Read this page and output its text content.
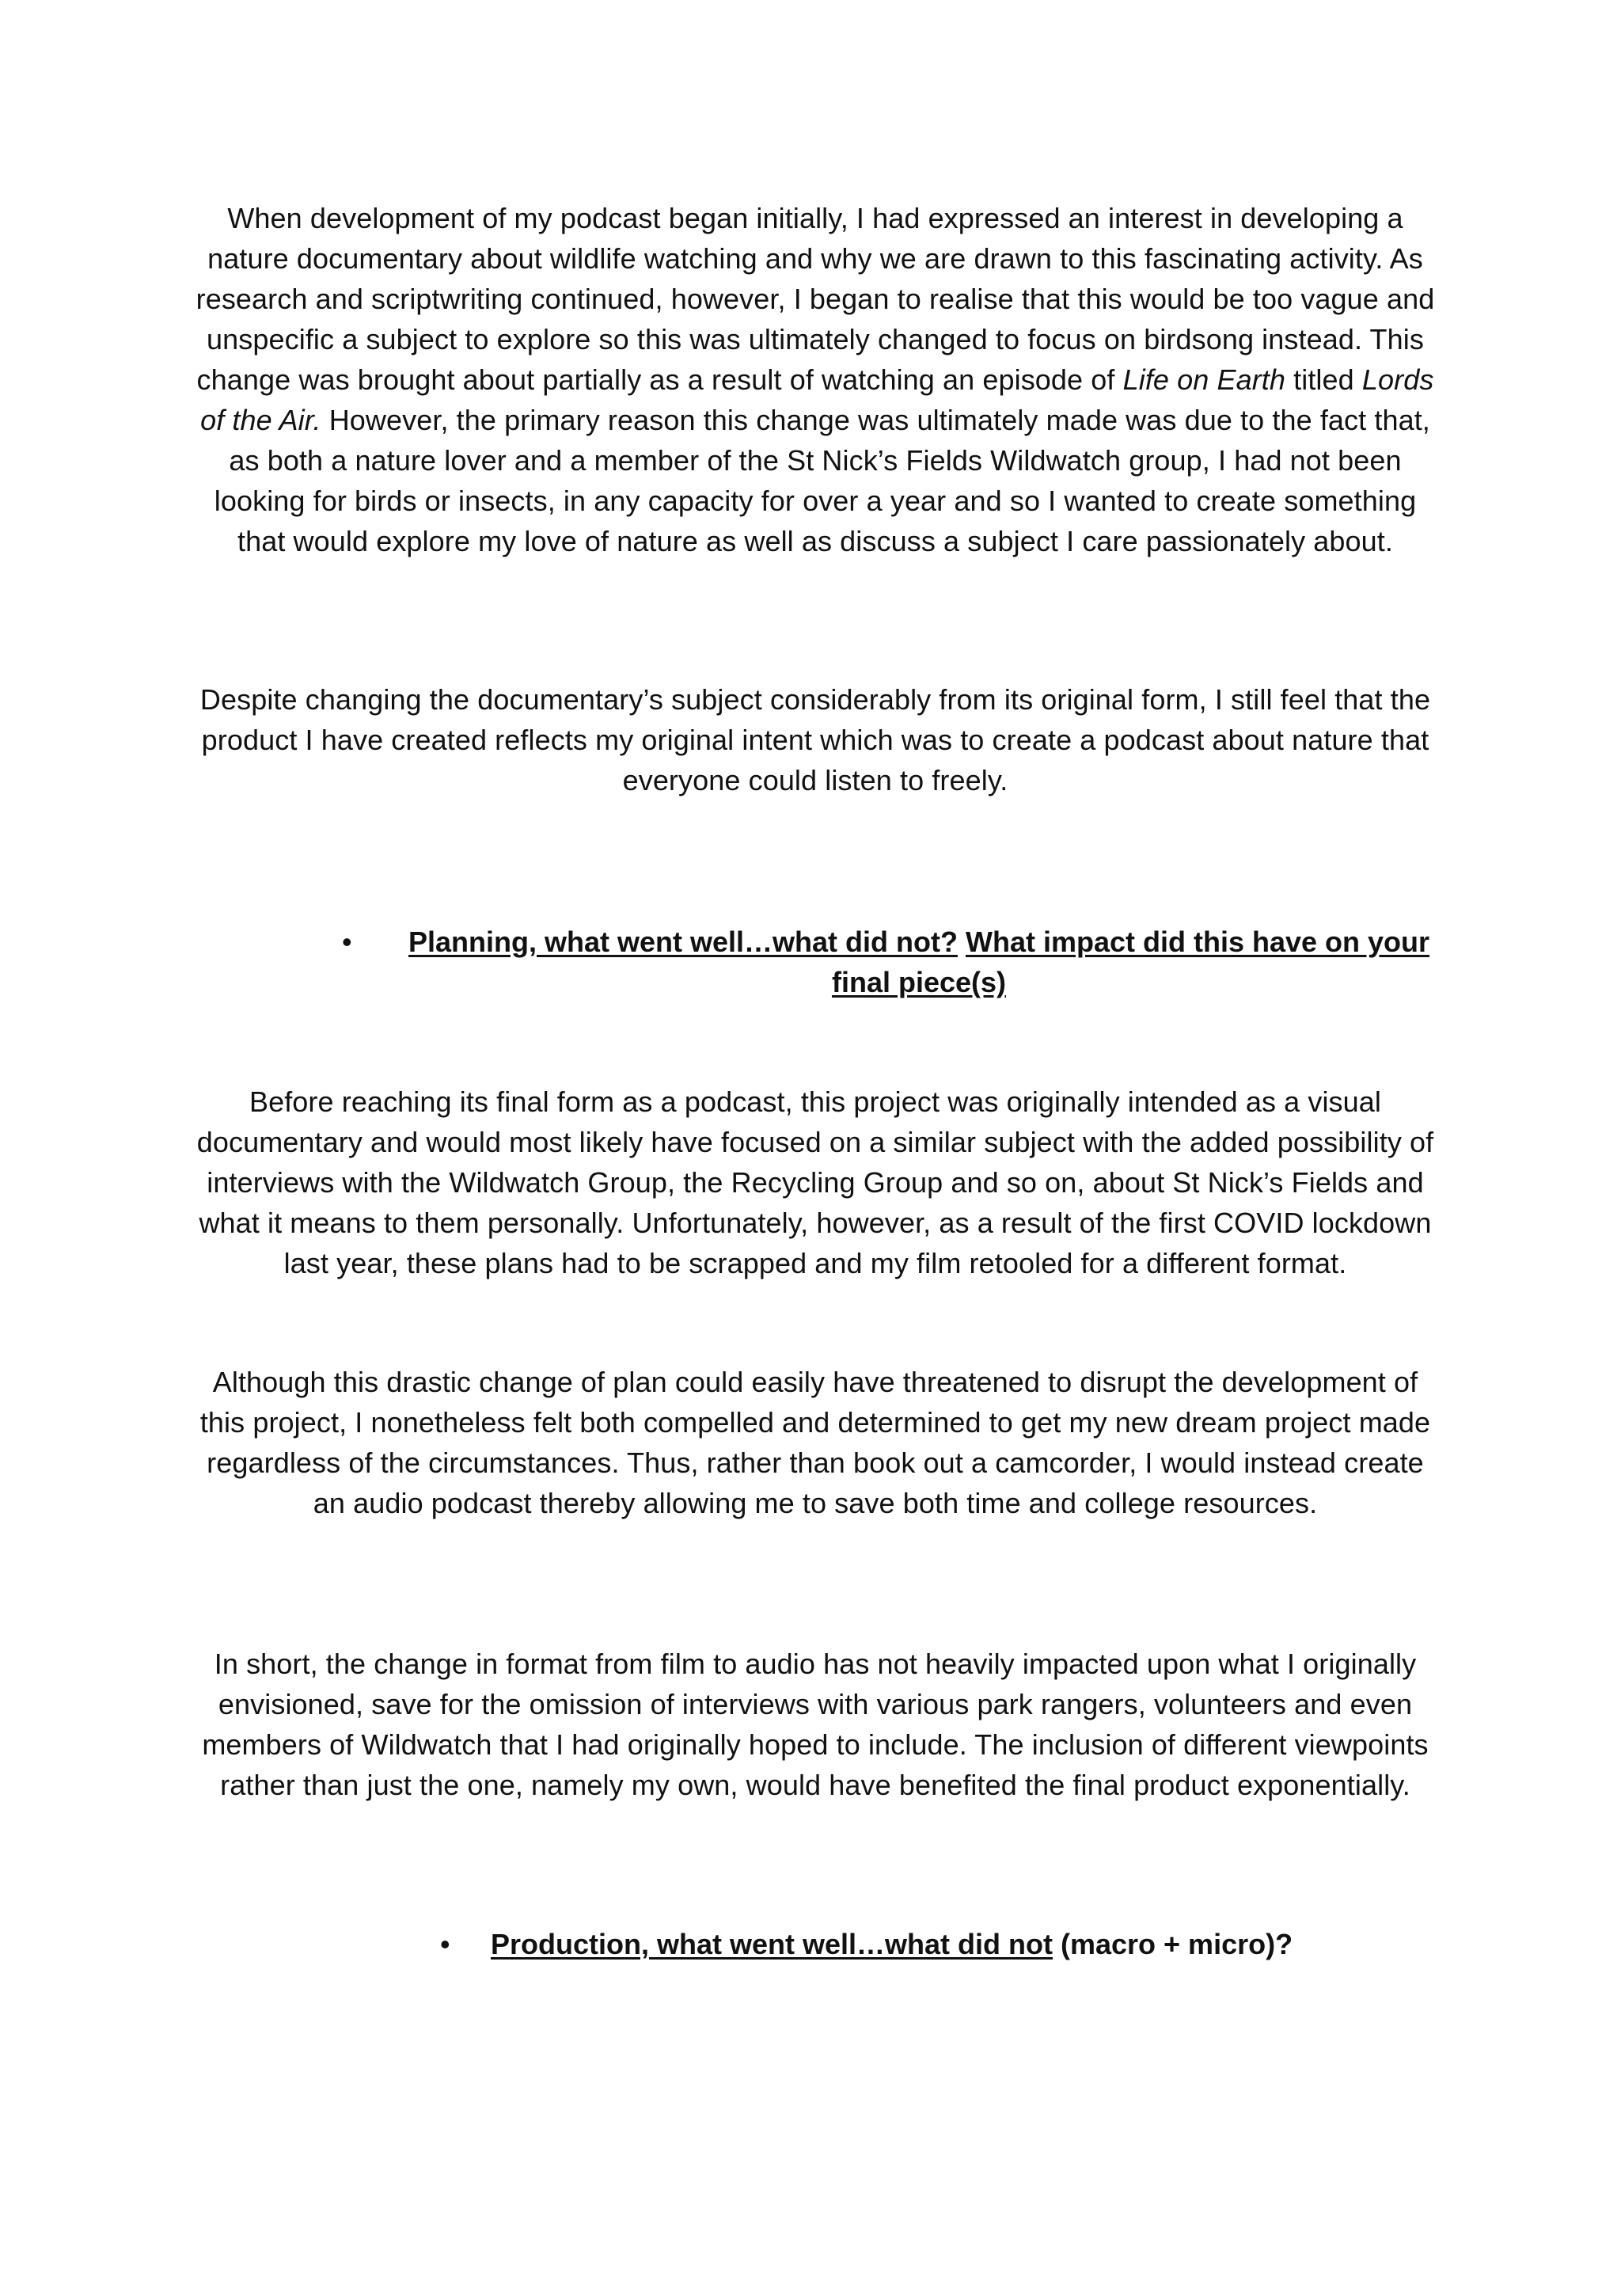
When development of my podcast began initially, I had expressed an interest in developing a nature documentary about wildlife watching and why we are drawn to this fascinating activity. As research and scriptwriting continued, however, I began to realise that this would be too vague and unspecific a subject to explore so this was ultimately changed to focus on birdsong instead. This change was brought about partially as a result of watching an episode of Life on Earth titled Lords of the Air. However, the primary reason this change was ultimately made was due to the fact that, as both a nature lover and a member of the St Nick’s Fields Wildwatch group, I had not been looking for birds or insects, in any capacity for over a year and so I wanted to create something that would explore my love of nature as well as discuss a subject I care passionately about.

Despite changing the documentary’s subject considerably from its original form, I still feel that the product I have created reflects my original intent which was to create a podcast about nature that everyone could listen to freely.

•	Planning, what went well…what did not? What impact did this have on your
final piece(s)

Before reaching its final form as a podcast, this project was originally intended as a visual documentary and would most likely have focused on a similar subject with the added possibility of interviews with the Wildwatch Group, the Recycling Group and so on, about St Nick’s Fields and what it means to them personally. Unfortunately, however, as a result of the first COVID lockdown last year, these plans had to be scrapped and my film retooled for a different format.

Although this drastic change of plan could easily have threatened to disrupt the development of this project, I nonetheless felt both compelled and determined to get my new dream project made regardless of the circumstances. Thus, rather than book out a camcorder, I would instead create an audio podcast thereby allowing me to save both time and college resources.

In short, the change in format from film to audio has not heavily impacted upon what I originally envisioned, save for the omission of interviews with various park rangers, volunteers and even members of Wildwatch that I had originally hoped to include. The inclusion of different viewpoints rather than just the one, namely my own, would have benefited the final product exponentially.

• Production, what went well…what did not (macro + micro)?
